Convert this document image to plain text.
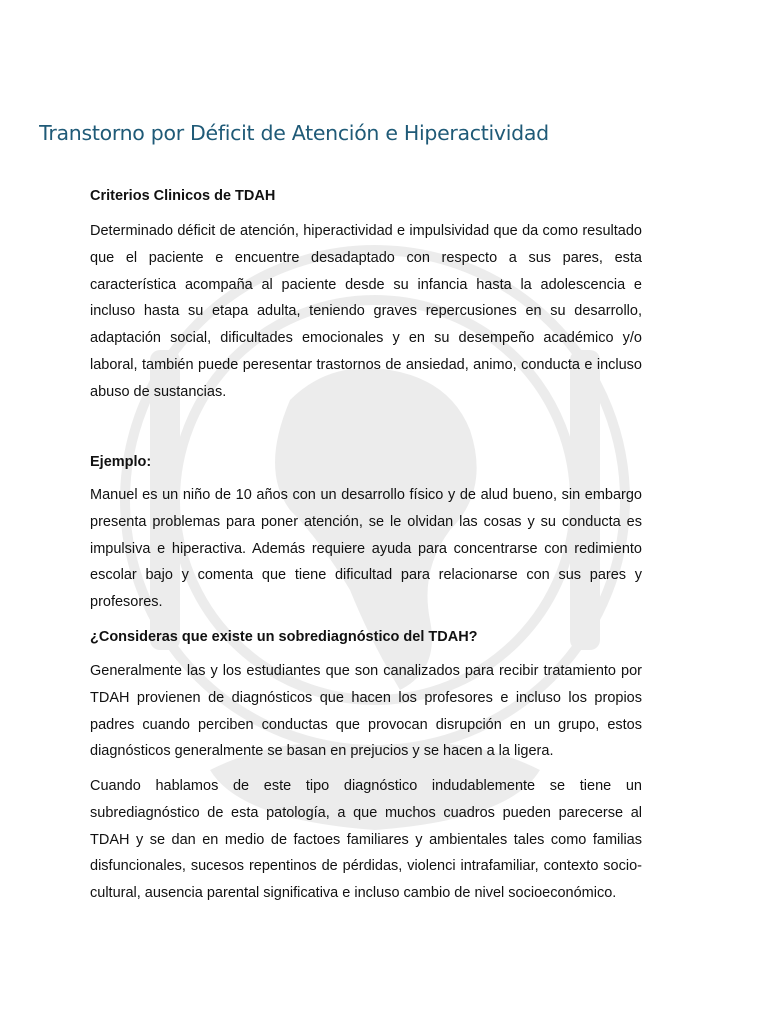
Transtorno por Déficit de Atención e Hiperactividad
Criterios Clinicos de TDAH

Determinado déficit de atención, hiperactividad e impulsividad que da como resultado que el paciente e encuentre desadaptado con respecto a sus pares, esta característica acompaña al paciente desde su infancia hasta la adolescencia e incluso hasta su etapa adulta, teniendo graves repercusiones en su desarrollo, adaptación social, dificultades emocionales y en su desempeño académico y/o laboral, también puede peresentar trastornos de ansiedad, animo, conducta e incluso abuso de sustancias.

Ejemplo:

Manuel es un niño de 10 años con un desarrollo físico y de alud bueno, sin embargo presenta problemas para poner atención, se le olvidan las cosas y su conducta es impulsiva e hiperactiva. Además requiere ayuda para concentrarse con redimiento escolar bajo y comenta que tiene dificultad para relacionarse con sus pares y profesores.

¿Consideras que existe un sobrediagnóstico del TDAH?

Generalmente las y los estudiantes que son canalizados para recibir tratamiento por TDAH provienen de diagnósticos que hacen los profesores e incluso los propios padres cuando perciben conductas que provocan disrupción en un grupo, estos diagnósticos generalmente se basan en prejucios y se hacen a la ligera.

Cuando hablamos de este tipo diagnóstico indudablemente se tiene un subrediagnóstico de esta patología, a que muchos cuadros pueden parecerse al TDAH y se dan en medio de factoes familiares y ambientales tales como familias disfuncionales, sucesos repentinos de pérdidas, violenci intrafamiliar, contexto socio-cultural, ausencia parental significativa e incluso cambio de nivel socioeconómico.
